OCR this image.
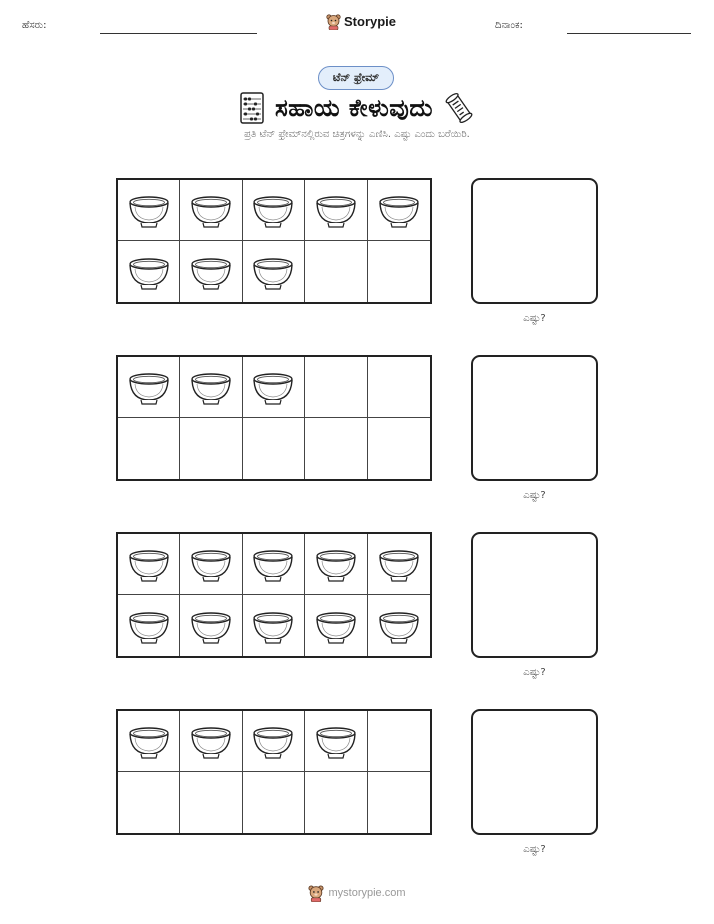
ಹೆಸರು:	Storypie	ದಿನಾಂಕ:
ಟೆನ್ ಫ್ರೇಮ್
ಸಹಾಯ ಕೇಳುವುದು
ಪ್ರತಿ ಟೆನ್ ಫ್ರೇಮ್‌ನಲ್ಲಿರುವ ಚಿತ್ರಗಳನ್ನು ಎಣಿಸಿ. ಎಷ್ಟು ಎಂದು ಬರೆಯಿರಿ.
ಎಷ್ಟು?
ಎಷ್ಟು?
ಎಷ್ಟು?
ಎಷ್ಟು?
mystorypie.com
